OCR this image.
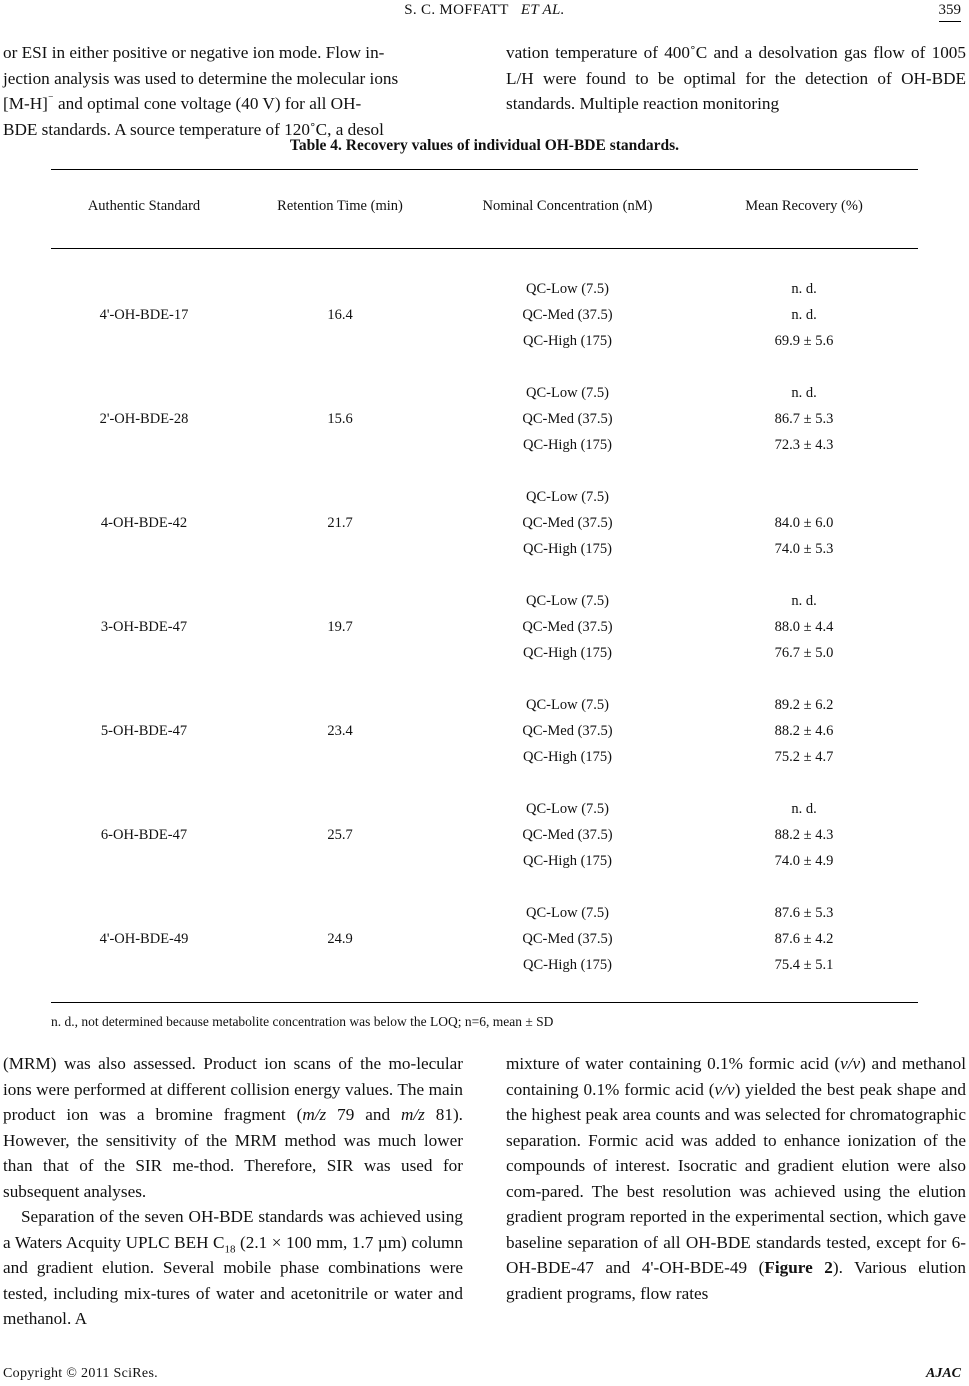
S. C. MOFFATT ET AL.	359
or ESI in either positive or negative ion mode. Flow in-
jection analysis was used to determine the molecular ions
[M-H]⁻ and optimal cone voltage (40 V) for all OH-
BDE standards. A source temperature of 120˚C, a desol

vation temperature of 400˚C and a desolvation gas flow of 1005 L/H were found to be optimal for the detection of OH-BDE standards. Multiple reaction monitoring

Table 4. Recovery values of individual OH-BDE standards.
Authentic Standard	Retention Time (min)	Nominal Concentration (nM)	Mean Recovery (%)
4'-OH-BDE-17	16.4
QC-Low (7.5)	n. d.
QC-Med (37.5)	n. d.
QC-High (175)	69.9 ± 5.6
2'-OH-BDE-28	15.6
QC-Low (7.5)	n. d.
QC-Med (37.5)	86.7 ± 5.3
QC-High (175)	72.3 ± 4.3
4-OH-BDE-42	21.7
QC-Low (7.5)
QC-Med (37.5)	84.0 ± 6.0
QC-High (175)	74.0 ± 5.3
3-OH-BDE-47	19.7
QC-Low (7.5)	n. d.
QC-Med (37.5)	88.0 ± 4.4
QC-High (175)	76.7 ± 5.0
5-OH-BDE-47	23.4
QC-Low (7.5)	89.2 ± 6.2
QC-Med (37.5)	88.2 ± 4.6
QC-High (175)	75.2 ± 4.7
6-OH-BDE-47	25.7
QC-Low (7.5)	n. d.
QC-Med (37.5)	88.2 ± 4.3
QC-High (175)	74.0 ± 4.9
4'-OH-BDE-49	24.9
QC-Low (7.5)	87.6 ± 5.3
QC-Med (37.5)	87.6 ± 4.2
QC-High (175)	75.4 ± 5.1
n. d., not determined because metabolite concentration was below the LOQ; n=6, mean ± SD

(MRM) was also assessed. Product ion scans of the mo-lecular ions were performed at different collision energy values. The main product ion was a bromine fragment (m/z 79 and m/z 81). However, the sensitivity of the MRM method was much lower than that of the SIR me-thod. Therefore, SIR was used for subsequent analyses.

Separation of the seven OH-BDE standards was achieved using a Waters Acquity UPLC BEH $C_{18}$ (2.1 × 100 mm, 1.7 µm) column and gradient elution. Several mobile phase combinations were tested, including mix-tures of water and acetonitrile or water and methanol. A

mixture of water containing 0.1% formic acid (v/v) and methanol containing 0.1% formic acid (v/v) yielded the best peak shape and the highest peak area counts and was selected for chromatographic separation. Formic acid was added to enhance ionization of the compounds of interest. Isocratic and gradient elution were also com-pared. The best resolution was achieved using the elution gradient program reported in the experimental section, which gave baseline separation of all OH-BDE standards tested, except for 6-OH-BDE-47 and 4'-OH-BDE-49 (Figure 2). Various elution gradient programs, flow rates

Copyright © 2011 SciRes.	AJAC
